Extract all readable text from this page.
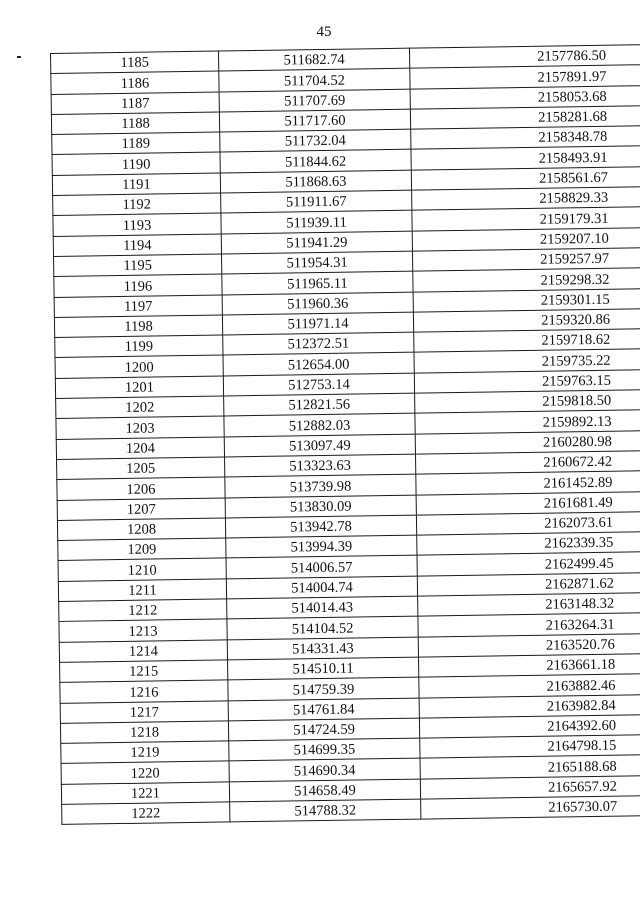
45
1185	511682.74	2157786.50
1186	511704.52	2157891.97
1187	511707.69	2158053.68
1188	511717.60	2158281.68
1189	511732.04	2158348.78
1190	511844.62	2158493.91
1191	511868.63	2158561.67
1192	511911.67	2158829.33
1193	511939.11	2159179.31
1194	511941.29	2159207.10
1195	511954.31	2159257.97
1196	511965.11	2159298.32
1197	511960.36	2159301.15
1198	511971.14	2159320.86
1199	512372.51	2159718.62
1200	512654.00	2159735.22
1201	512753.14	2159763.15
1202	512821.56	2159818.50
1203	512882.03	2159892.13
1204	513097.49	2160280.98
1205	513323.63	2160672.42
1206	513739.98	2161452.89
1207	513830.09	2161681.49
1208	513942.78	2162073.61
1209	513994.39	2162339.35
1210	514006.57	2162499.45
1211	514004.74	2162871.62
1212	514014.43	2163148.32
1213	514104.52	2163264.31
1214	514331.43	2163520.76
1215	514510.11	2163661.18
1216	514759.39	2163882.46
1217	514761.84	2163982.84
1218	514724.59	2164392.60
1219	514699.35	2164798.15
1220	514690.34	2165188.68
1221	514658.49	2165657.92
1222	514788.32	2165730.07
